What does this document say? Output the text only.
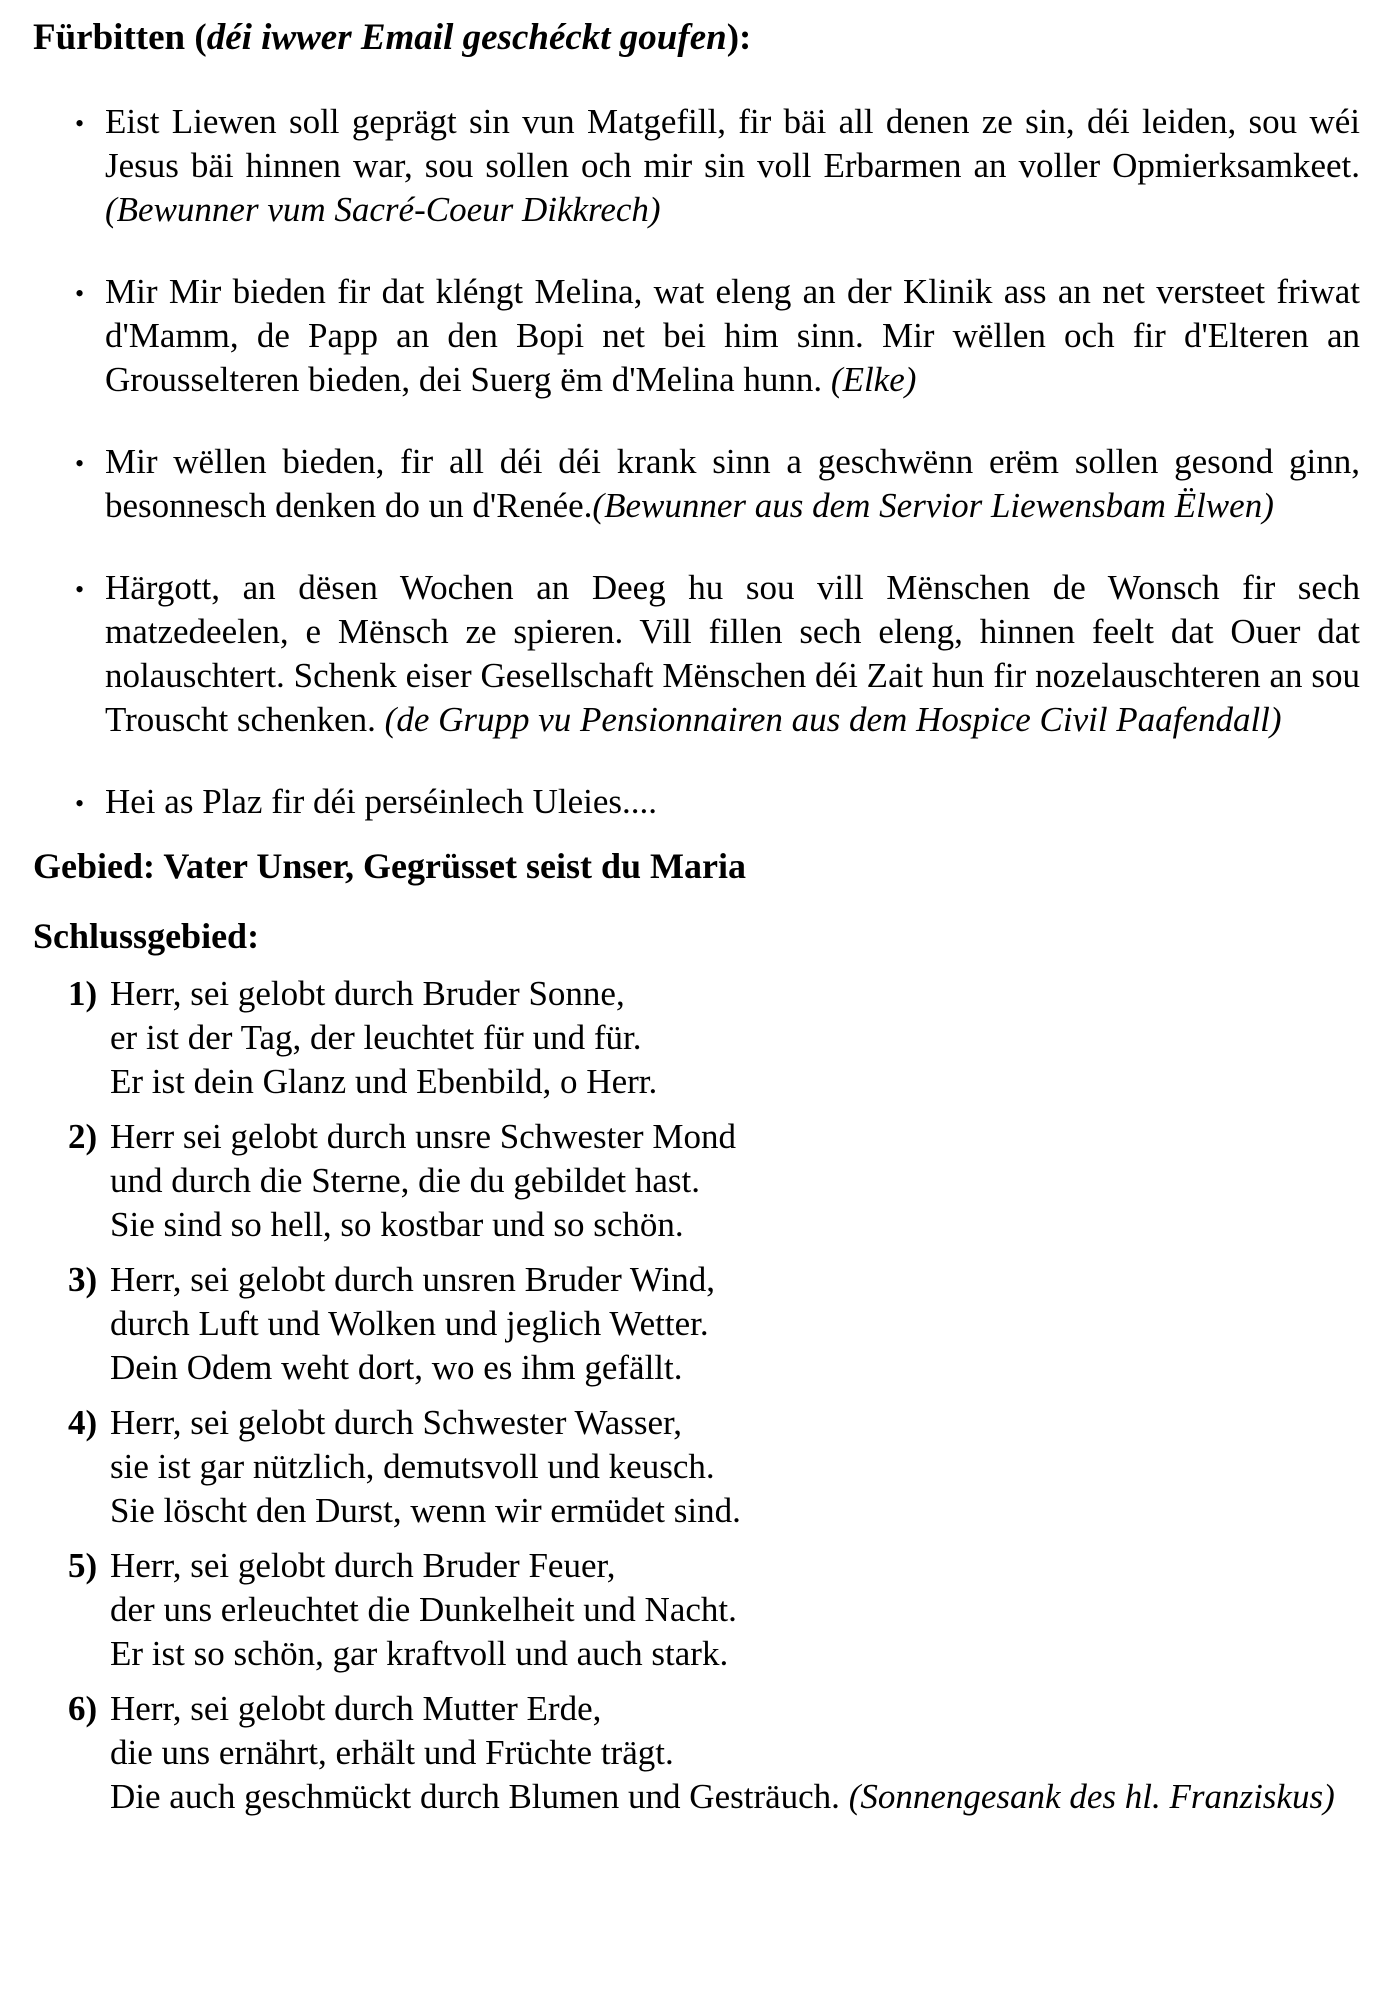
Fürbitten (déi iwwer Email geschéckt goufen):
• Eist Liewen soll geprägt sin vun Matgefill, fir bäi all denen ze sin, déi leiden, sou wéi Jesus bäi hinnen war, sou sollen och mir sin voll Erbarmen an voller Opmierksamkeet. (Bewunner vum Sacré-Coeur Dikkrech)

• Mir Mir bieden fir dat kléngt Melina, wat eleng an der Klinik ass an net versteet friwat d'Mamm, de Papp an den Bopi net bei him sinn. Mir wëllen och fir d'Elteren an Grousselteren bieden, dei Suerg ëm d'Melina hunn. (Elke)

• Mir wëllen bieden, fir all déi déi krank sinn a geschwënn erëm sollen gesond ginn, besonnesch denken do un d'Renée.(Bewunner aus dem Servior Liewensbam Ëlwen)

• Härgott, an dësen Wochen an Deeg hu sou vill Mënschen de Wonsch fir sech matzedeelen, e Mënsch ze spieren. Vill fillen sech eleng, hinnen feelt dat Ouer dat nolauschtert. Schenk eiser Gesellschaft Mënschen déi Zait hun fir nozelauschteren an sou Trouscht schenken. (de Grupp vu Pensionnairen aus dem Hospice Civil Paafendall)

• Hei as Plaz fir déi perséinlech Uleies....

Gebied: Vater Unser, Gegrüsset seist du Maria
Schlussgebied:
1) Herr, sei gelobt durch Bruder Sonne,
er ist der Tag, der leuchtet für und für.
Er ist dein Glanz und Ebenbild, o Herr.
2) Herr sei gelobt durch unsre Schwester Mond
und durch die Sterne, die du gebildet hast.
Sie sind so hell, so kostbar und so schön.
3) Herr, sei gelobt durch unsren Bruder Wind,
durch Luft und Wolken und jeglich Wetter.
Dein Odem weht dort, wo es ihm gefällt.
4) Herr, sei gelobt durch Schwester Wasser,
sie ist gar nützlich, demutsvoll und keusch.
Sie löscht den Durst, wenn wir ermüdet sind.
5) Herr, sei gelobt durch Bruder Feuer,
der uns erleuchtet die Dunkelheit und Nacht.
Er ist so schön, gar kraftvoll und auch stark.
6) Herr, sei gelobt durch Mutter Erde,
die uns ernährt, erhält und Früchte trägt.
Die auch geschmückt durch Blumen und Gesträuch. (Sonnengesank des hl. Franziskus)
